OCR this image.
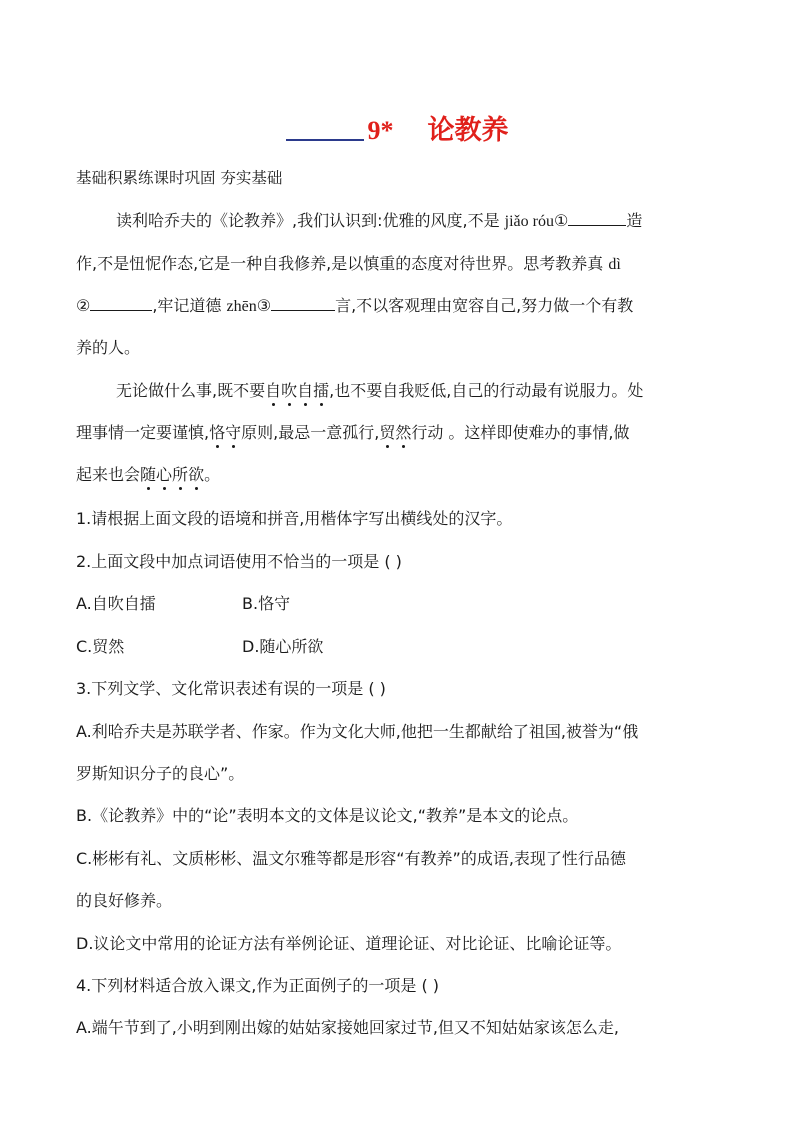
9* 论教养
基础积累练课时巩固 夯实基础
读利哈乔夫的《论教养》,我们认识到:优雅的风度,不是 jiǎo róu①	造
作,不是忸怩作态,它是一种自我修养,是以慎重的态度对待世界。思考教养真 dì
②	,牢记道德 zhēn③	言,不以客观理由宽容自己,努力做一个有教
养的人。
无论做什么事,既不要自吹自擂,也不要自我贬低,自己的行动最有说服力。处
理事情一定要谨慎,恪守原则,最忌一意孤行,贸然行动 。这样即使难办的事情,做
起来也会随心所欲。
1.请根据上面文段的语境和拼音,用楷体字写出横线处的汉字。
2.上面文段中加点词语使用不恰当的一项是 ( )
A.自吹自擂	B.恪守
C.贸然	D.随心所欲
3.下列文学、文化常识表述有误的一项是 ( )
A.利哈乔夫是苏联学者、作家。作为文化大师,他把一生都献给了祖国,被誉为“俄
罗斯知识分子的良心”。
B.《论教养》中的“论”表明本文的文体是议论文,“教养”是本文的论点。
C.彬彬有礼、文质彬彬、温文尔雅等都是形容“有教养”的成语,表现了性行品德
的良好修养。
D.议论文中常用的论证方法有举例论证、道理论证、对比论证、比喻论证等。
4.下列材料适合放入课文,作为正面例子的一项是 ( )
A.端午节到了,小明到刚出嫁的姑姑家接她回家过节,但又不知姑姑家该怎么走,
